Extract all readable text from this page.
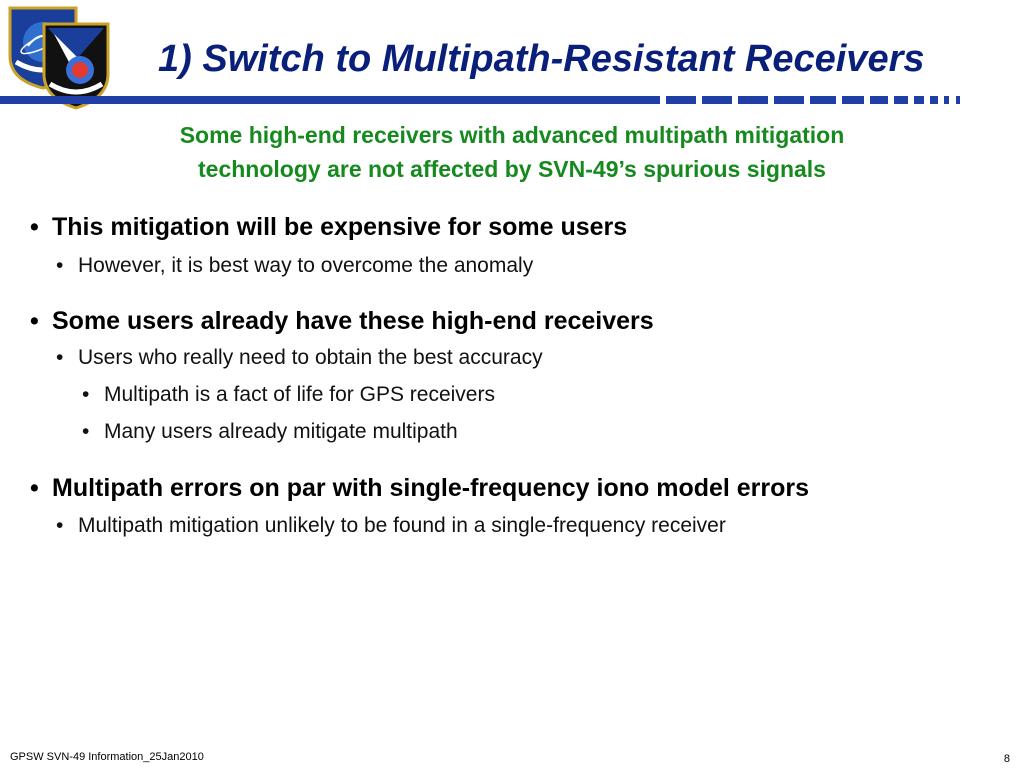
1) Switch to Multipath-Resistant Receivers
Some high-end receivers with advanced multipath mitigation
technology are not affected by SVN-49’s spurious signals
• This mitigation will be expensive for some users
• However, it is best way to overcome the anomaly
• Some users already have these high-end receivers
• Users who really need to obtain the best accuracy
• Multipath is a fact of life for GPS receivers
• Many users already mitigate multipath
• Multipath errors on par with single-frequency iono model errors
• Multipath mitigation unlikely to be found in a single-frequency receiver
GPSW SVN-49 Information_25Jan2010	8
